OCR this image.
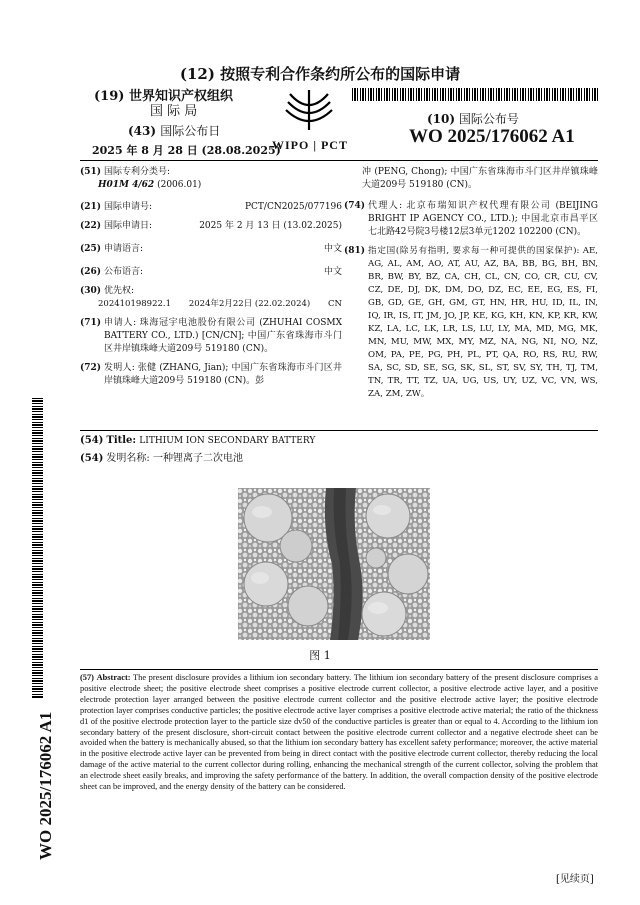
(12) 按照专利合作条约所公布的国际申请
(19) 世界知识产权组织
国 际 局
(43) 国际公布日
2025 年 8 月 28 日 (28.08.2025)
WIPO | PCT
(10) 国际公布号
WO 2025/176062 A1
WO 2025/176062 A1
(51) 国际专利分类号:
H01M 4/62 (2006.01)
(21) 国际申请号:	PCT/CN2025/077196
(22) 国际申请日:	2025 年 2 月 13 日 (13.02.2025)
(25) 申请语言:	中文
(26) 公布语言:	中文
(30) 优先权:
202410198922.1 2024年2月22日 (22.02.2024) CN
(71) 申请人: 珠海冠宇电池股份有限公司 (ZHUHAI COSMX BATTERY CO., LTD.) [CN/CN]; 中国广东省珠海市斗门区井岸镇珠峰大道209号 519180 (CN)。
(72) 发明人: 张健 (ZHANG, Jian); 中国广东省珠海市斗门区井岸镇珠峰大道209号 519180 (CN)。彭
冲 (PENG, Chong); 中国广东省珠海市斗门区井岸镇珠峰大道209号 519180 (CN)。
(74) 代理人: 北京布瑞知识产权代理有限公司 (BEIJING BRIGHT IP AGENCY CO., LTD.); 中国北京市昌平区七北路42号院3号楼12层3单元1202 102200 (CN)。
(81) 指定国(除另有指明, 要求每一种可提供的国家保护): AE, AG, AL, AM, AO, AT, AU, AZ, BA, BB, BG, BH, BN, BR, BW, BY, BZ, CA, CH, CL, CN, CO, CR, CU, CV, CZ, DE, DJ, DK, DM, DO, DZ, EC, EE, EG, ES, FI, GB, GD, GE, GH, GM, GT, HN, HR, HU, ID, IL, IN, IQ, IR, IS, IT, JM, JO, JP, KE, KG, KH, KN, KP, KR, KW, KZ, LA, LC, LK, LR, LS, LU, LY, MA, MD, MG, MK, MN, MU, MW, MX, MY, MZ, NA, NG, NI, NO, NZ, OM, PA, PE, PG, PH, PL, PT, QA, RO, RS, RU, RW, SA, SC, SD, SE, SG, SK, SL, ST, SV, SY, TH, TJ, TM, TN, TR, TT, TZ, UA, UG, US, UY, UZ, VC, VN, WS, ZA, ZM, ZW。
(54) Title: LITHIUM ION SECONDARY BATTERY
(54) 发明名称: 一种锂离子二次电池
图 1
(57) Abstract: The present disclosure provides a lithium ion secondary battery. The lithium ion secondary battery of the present disclosure comprises a positive electrode sheet; the positive electrode sheet comprises a positive electrode current collector, a positive electrode active layer, and a positive electrode protection layer arranged between the positive electrode current collector and the positive electrode active layer; the positive electrode protection layer comprises conductive particles; the positive electrode active layer comprises a positive electrode active material; the ratio of the thickness d1 of the positive electrode protection layer to the particle size dv50 of the conductive particles is greater than or equal to 4. According to the lithium ion secondary battery of the present disclosure, short-circuit contact between the positive electrode current collector and a negative electrode sheet can be avoided when the battery is mechanically abused, so that the lithium ion secondary battery has excellent safety performance; moreover, the active material in the positive electrode active layer can be prevented from being in direct contact with the positive electrode current collector, thereby reducing the local damage of the active material to the current collector during rolling, enhancing the mechanical strength of the current collector, solving the problem that an electrode sheet easily breaks, and improving the safety performance of the battery. In addition, the overall compaction density of the positive electrode sheet can be improved, and the energy density of the battery can be considered.
[见续页]
